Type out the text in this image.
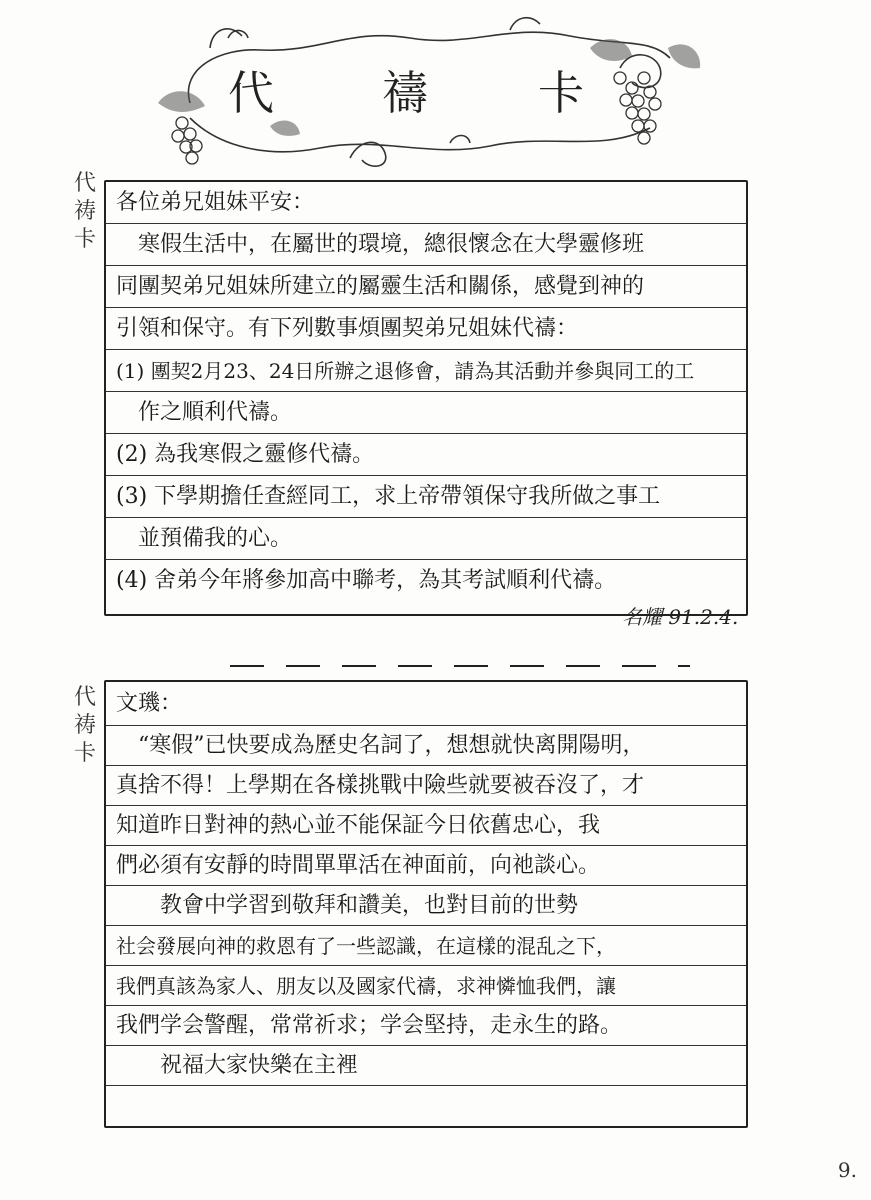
代 禱 卡
代
祷
卡
代
祷
卡
各位弟兄姐妹平安：
　寒假生活中，在屬世的環境，總很懷念在大學靈修班
同團契弟兄姐妹所建立的屬靈生活和關係，感覺到神的
引領和保守。有下列數事煩團契弟兄姐妹代禱：
(1) 團契2月23、24日所辦之退修會，請為其活動并參與同工的工
　作之順利代禱。
(2) 為我寒假之靈修代禱。
(3) 下學期擔任查經同工，求上帝帶領保守我所做之事工
　並預備我的心。
(4) 舍弟今年將參加高中聯考，為其考試順利代禱。
名耀 91.2.4.
文璣：
　“寒假”已快要成為歷史名詞了，想想就快离開陽明，
真捨不得！上學期在各樣挑戰中險些就要被吞沒了，才
知道昨日對神的熱心並不能保証今日依舊忠心，我
們必須有安靜的時間單單活在神面前，向祂談心。
　　教會中学習到敬拜和讚美，也對目前的世勢
社会發展向神的救恩有了一些認識，在這樣的混乱之下，
我們真該為家人、朋友以及國家代禱，求神憐恤我們，讓
我們学会警醒，常常祈求；学会堅持，走永生的路。
　　祝福大家快樂在主裡
9.
